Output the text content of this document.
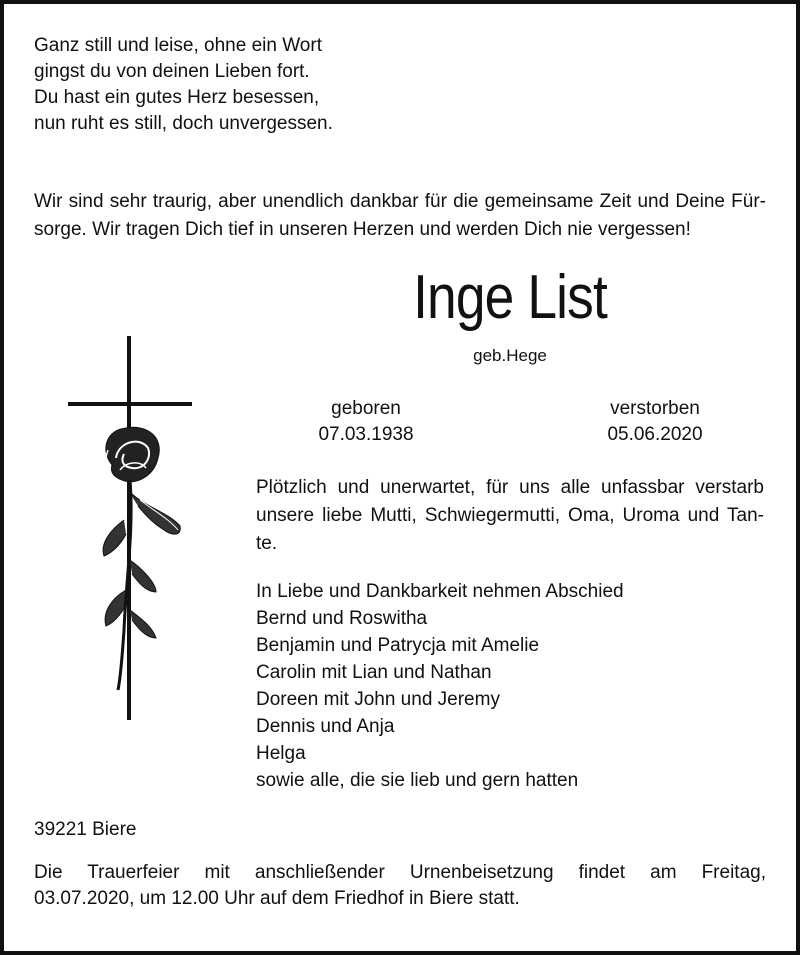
Ganz still und leise, ohne ein Wort
gingst du von deinen Lieben fort.
Du hast ein gutes Herz besessen,
nun ruht es still, doch unvergessen.
Wir sind sehr traurig, aber unendlich dankbar für die gemeinsame Zeit und Deine Für-
sorge. Wir tragen Dich tief in unseren Herzen und werden Dich nie vergessen!
Inge List
geb.Hege
geboren
07.03.1938
verstorben
05.06.2020
Plötzlich und unerwartet, für uns alle unfassbar verstarb
unsere liebe Mutti, Schwiegermutti, Oma, Uroma und Tan-
te.
In Liebe und Dankbarkeit nehmen Abschied
Bernd und Roswitha
Benjamin und Patrycja mit Amelie
Carolin mit Lian und Nathan
Doreen mit John und Jeremy
Dennis und Anja
Helga
sowie alle, die sie lieb und gern hatten
39221 Biere
Die Trauerfeier mit anschließender Urnenbeisetzung findet am Freitag,
03.07.2020, um 12.00 Uhr auf dem Friedhof in Biere statt.
